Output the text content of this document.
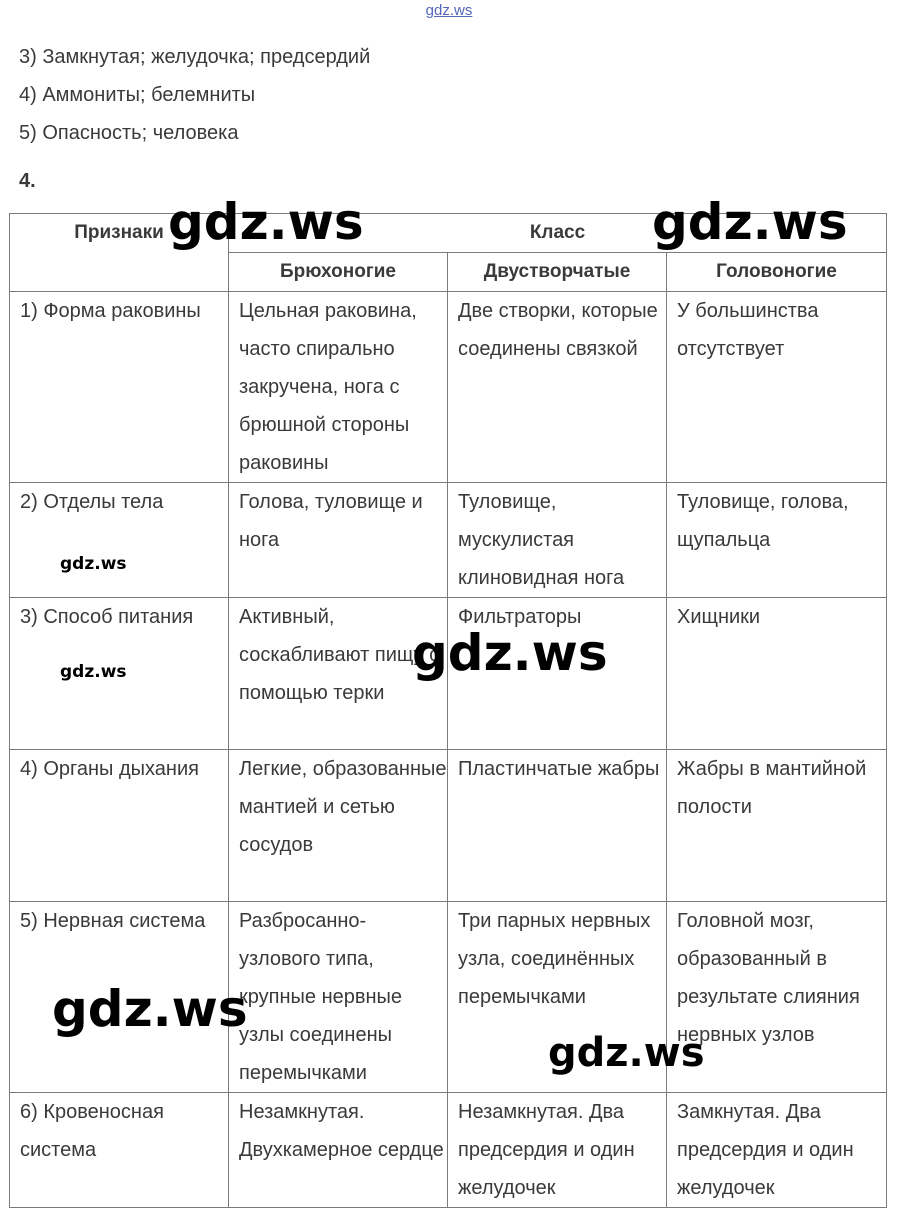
gdz.ws
3) Замкнутая; желудочка; предсердий
4) Аммониты; белемниты
5) Опасность; человека
4.
Признаки	Класс		
	Брюхоногие	Двустворчатые	Головоногие
1) Форма раковины	Цельная раковина, часто спирально закручена, нога с брюшной стороны раковины	Две створки, которые соединены связкой	У большинства отсутствует
2) Отделы тела	Голова, туловище и нога	Туловище, мускулистая клиновидная нога	Туловище, голова, щупальца
3) Способ питания	Активный, соскабливают пищу с помощью терки	Фильтраторы	Хищники
4) Органы дыхания	Легкие, образованные мантией и сетью сосудов	Пластинчатые жабры	Жабры в мантийной полости
5) Нервная система	Разбросанно-узлового типа, крупные нервные узлы соединены перемычками	Три парных нервных узла, соединённых перемычками	Головной мозг, образованный в результате слияния нервных узлов
6) Кровеносная система	Незамкнутая. Двухкамерное сердце	Незамкнутая. Два предсердия и один желудочек	Замкнутая. Два предсердия и один желудочек
gdz.ws	gdz.ws
gdz.ws
gdz.ws
gdz.ws
gdz.ws
gdz.ws
